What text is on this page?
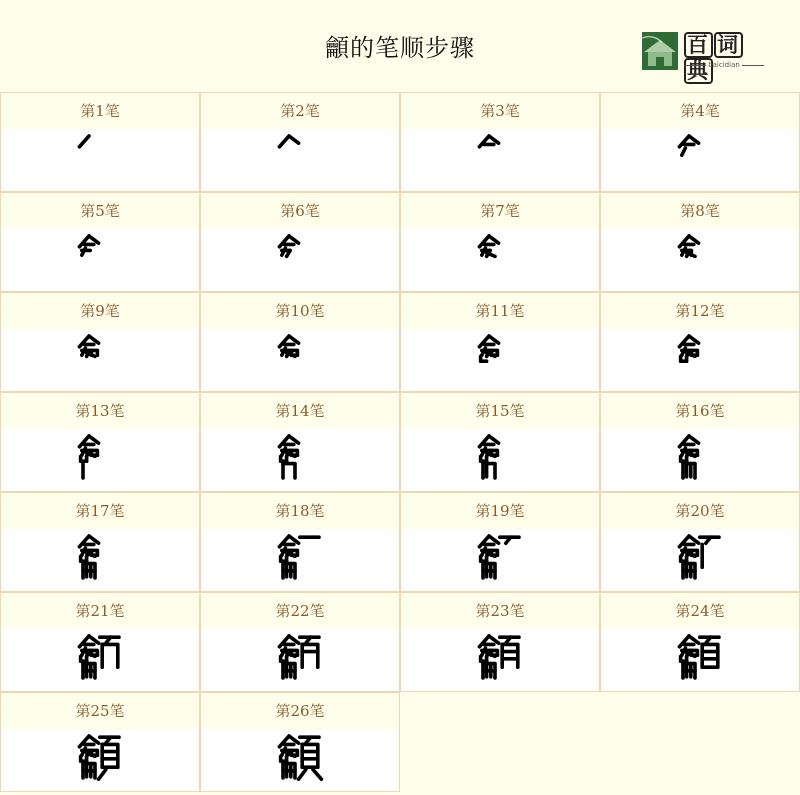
龥的笔顺步骤	百 词典
baicidian
第1笔	第2笔	第3笔	第4笔
第5笔	第6笔	第7笔	第8笔
第9笔	第10笔	第11笔	第12笔
第13笔	第14笔	第15笔	第16笔
第17笔	第18笔	第19笔	第20笔
第21笔	第22笔	第23笔	第24笔
第25笔	第26笔
